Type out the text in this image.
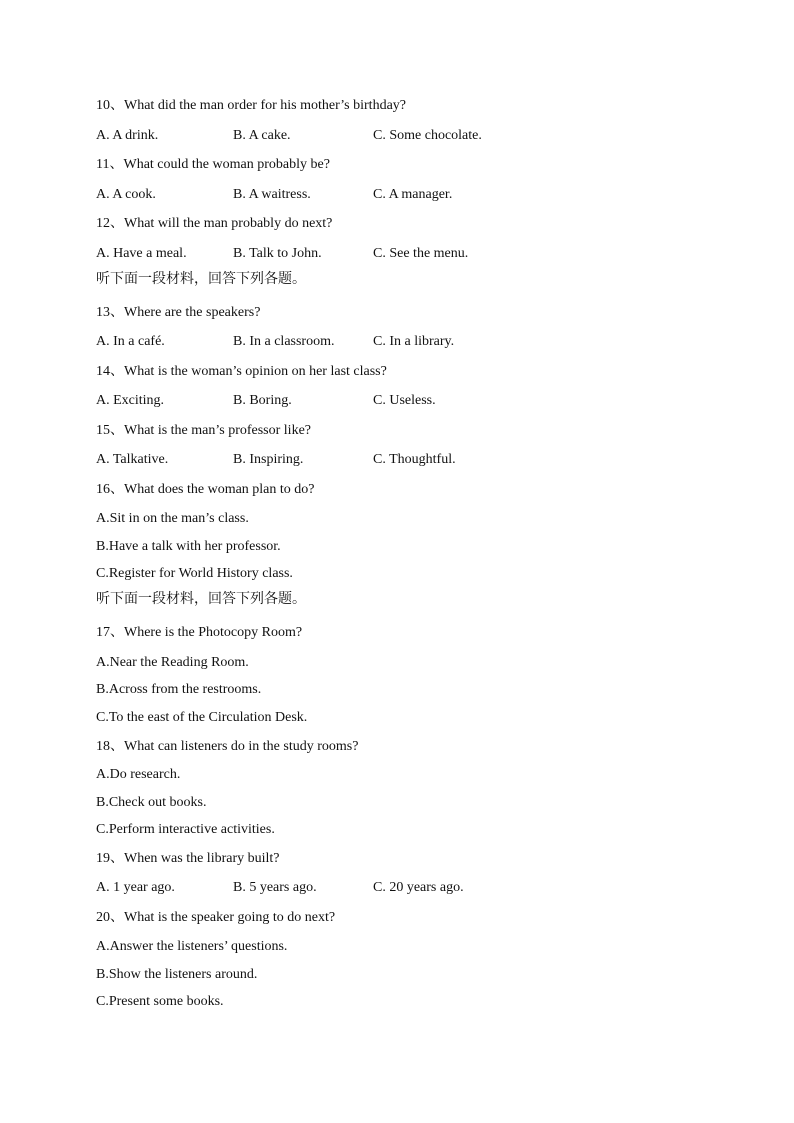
10、What did the man order for his mother’s birthday?
A. A drink.	B. A cake.	C. Some chocolate.
11、What could the woman probably be?
A. A cook.	B. A waitress.	C. A manager.
12、What will the man probably do next?
A. Have a meal.	B. Talk to John.	C. See the menu.
听下面一段材料，回答下列各题。
13、Where are the speakers?
A. In a café.	B. In a classroom.	C. In a library.
14、What is the woman’s opinion on her last class?
A. Exciting.	B. Boring.	C. Useless.
15、What is the man’s professor like?
A. Talkative.	B. Inspiring.	C. Thoughtful.
16、What does the woman plan to do?
A.Sit in on the man’s class.
B.Have a talk with her professor.
C.Register for World History class.
听下面一段材料，回答下列各题。
17、Where is the Photocopy Room?
A.Near the Reading Room.
B.Across from the restrooms.
C.To the east of the Circulation Desk.
18、What can listeners do in the study rooms?
A.Do research.
B.Check out books.
C.Perform interactive activities.
19、When was the library built?
A. 1 year ago.	B. 5 years ago.	C. 20 years ago.
20、What is the speaker going to do next?
A.Answer the listeners’ questions.
B.Show the listeners around.
C.Present some books.
